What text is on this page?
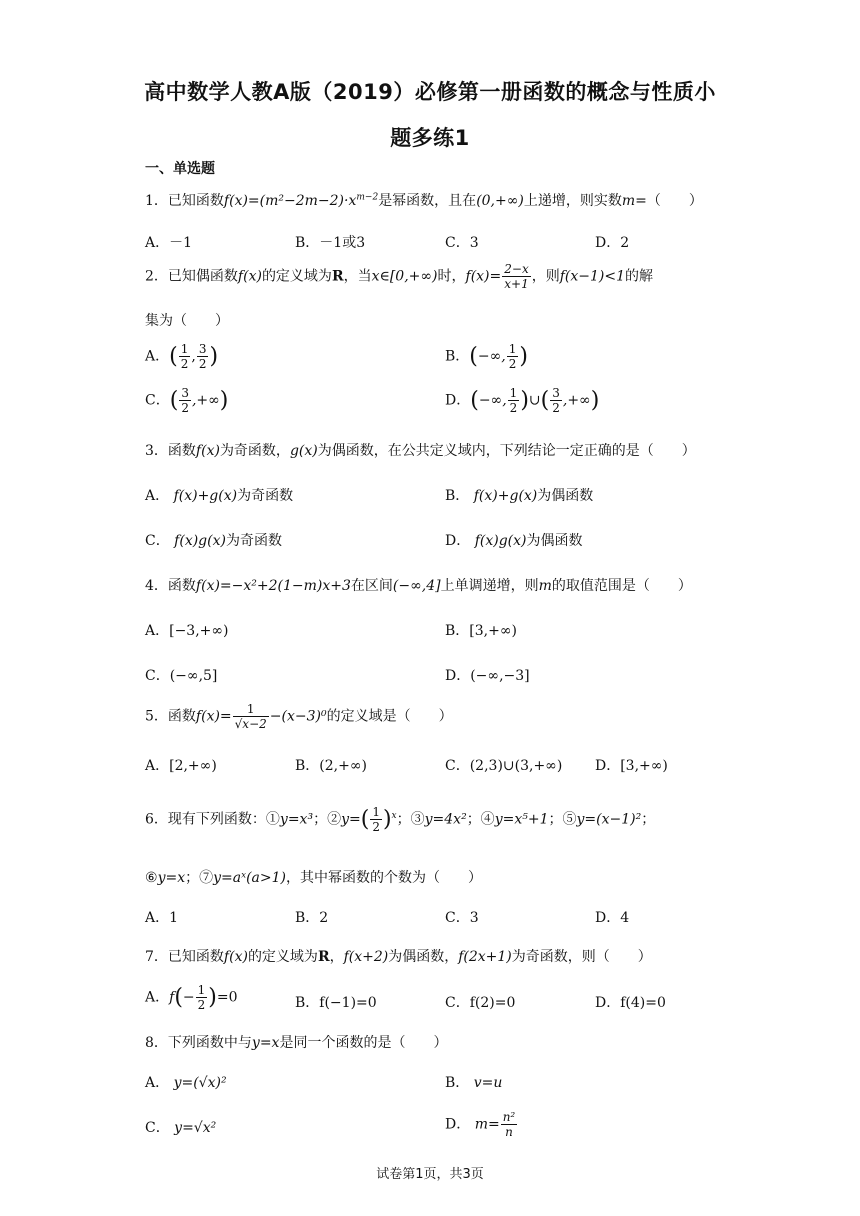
高中数学人教A版（2019）必修第一册函数的概念与性质小
题多练1
一、单选题
1．已知函数$f(x)=(m^2-2m-2)\cdot x^{m-2}$是幂函数，且在(0,+∞)上递增，则实数m=（　　）
A．－1	B．－1或3	C．3	D．2
2．已知偶函数f(x)的定义域为R，当x∈[0,+∞)时，$f(x)= \frac{2-x}{x+1}$ ，则f(x−1)<1的解
集为（　　）
A．( $\frac{1}{2}$ , $\frac{3}{2}$ )	B．(−∞, $\frac{1}{2}$ )
C．( $\frac{3}{2}$ ,+∞)	D．(−∞, $\frac{1}{2}$ )∪( $\frac{3}{2}$ ,+∞)
3．函数f(x)为奇函数，g(x)为偶函数，在公共定义域内，下列结论一定正确的是（　　）
A． f(x)+g(x)为奇函数	B． f(x)+g(x)为偶函数
C． f(x)g(x)为奇函数	D． f(x)g(x)为偶函数
4．函数f(x)=−x²+2(1−m)x+3在区间(−∞,4]上单调递增，则m的取值范围是（　　）
A．[−3,+∞)	B．[3,+∞)
C．(−∞,5]	D．(−∞,−3]
5．函数$f(x)= \frac{1}{√x-2} -(x-3)^0$的定义域是（　　）
A．[2,+∞)	B．(2,+∞)	C．(2,3)∪(3,+∞) D．[3,+∞)
6．现有下列函数：①y=x³；②y=( $\frac{1}{2} )^x$；③y=4x²；④y=x⁵+1；⑤y=(x−1)²；
⑥y=x；⑦y=aˣ(a>1)，其中幂函数的个数为（　　）
A．1	B．2	C．3	D．4
7．已知函数f(x)的定义域为R，f(x+2)为偶函数，f(2x+1)为奇函数，则（　　）
A．$f(- \frac{1}{2} )=0$	B．f(−1)=0	C．f(2)=0	D．f(4)=0
8．下列函数中与y=x是同一个函数的是（　　）
A． y=(√x)²	B． v=u
C． y=√x²	D． $m= \frac{\text{n²}}{n}$
试卷第1页，共3页
